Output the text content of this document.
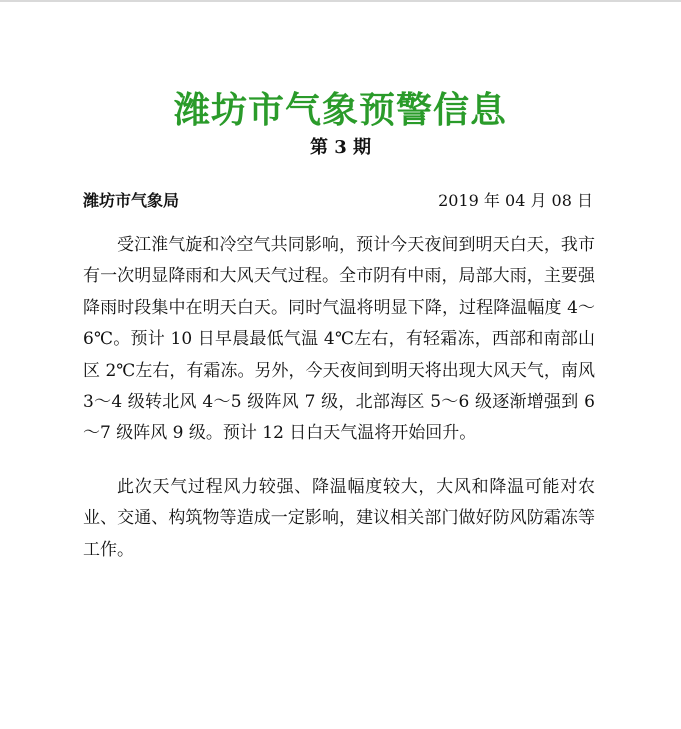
潍坊市气象预警信息
第 3 期
潍坊市气象局	2019 年 04 月 08 日

受江淮气旋和冷空气共同影响，预计今天夜间到明天白天，我市有一次明显降雨和大风天气过程。全市阴有中雨，局部大雨，主要强降雨时段集中在明天白天。同时气温将明显下降，过程降温幅度 4～6℃。预计 10 日早晨最低气温 4℃左右，有轻霜冻，西部和南部山区 2℃左右，有霜冻。另外，今天夜间到明天将出现大风天气，南风 3～4 级转北风 4～5 级阵风 7 级，北部海区 5～6 级逐渐增强到 6～7 级阵风 9 级。预计 12 日白天气温将开始回升。

此次天气过程风力较强、降温幅度较大，大风和降温可能对农业、交通、构筑物等造成一定影响，建议相关部门做好防风防霜冻等工作。
